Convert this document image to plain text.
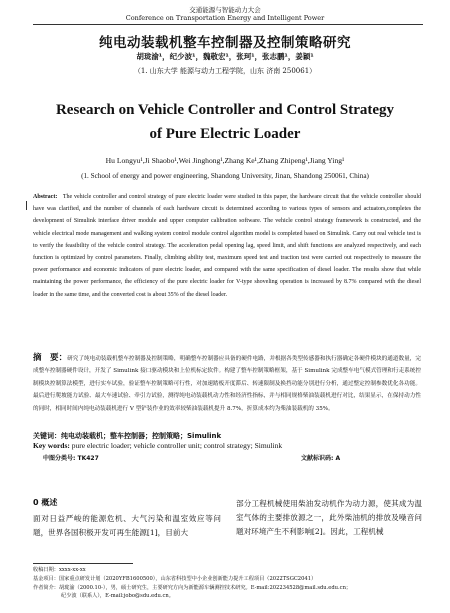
交通能源与智能动力大会
Conference on Transportation Energy and Intelligent Power
纯电动装载机整车控制器及控制策略研究
胡珑渝¹，纪少波¹，魏敬宏¹，张珂¹，张志鹏¹，姜颖¹
（1. 山东大学 能源与动力工程学院，山东 济南 250061）
Research on Vehicle Controller and Control Strategy
of Pure Electric Loader
Hu Longyu¹,Ji Shaobo¹,Wei Jinghong¹,Zhang Ke¹,Zhang Zhipeng¹,Jiang Ying¹
(1. School of energy and power engineering, Shandong University, Jinan, Shandong 250061, China)
Abstract: The vehicle controller and control strategy of pure electric loader were studied in this paper, the hardware circuit that the vehicle controller should have was clarified, and the number of channels of each hardware circuit is determined according to various types of sensors and actuators,completes the development of Simulink interface driver module and upper computer calibration software. The vehicle control strategy framework is constructed, and the vehicle electrical mode management and walking system control module control algorithm model is completed based on Simulink. Carry out real vehicle test is to verify the feasibility of the vehicle control strategy. The acceleration pedal opening lag, speed limit, and shift functions are analyzed respectively, and each function is optimized by control parameters. Finally, climbing ability test, maximum speed test and traction test were carried out respectively to measure the power performance and economic indicators of pure electric loader, and compared with the same specification of diesel loader. The results show that while maintaining the power performance, the efficiency of the pure electric loader for V-type shoveling operation is increased by 8.7% compared with the diesel loader in the same time, and the converted cost is about 35% of the diesel loader.
摘　要：研究了纯电动装载机整车控制器及控制策略，明确整车控制器应具备的硬件电路，并根据各类型传感器和执行器确定各硬件模块的通道数量，完成整车控制器硬件设计，开发了 Simulink 接口驱动模块和上位机标定软件。构建了整车控制策略框架，基于 Simulink 完成整车电气模式管理和行走系统控制模块控制算法模型，进行实车试验，验证整车控制策略可行性，对加速踏板开度滞后、转速限制及换挡功能分别进行分析，通过整定控制参数优化各功能。最后进行爬坡能力试验、最大车速试验、牵引力试验，测得纯电动装载机动力性和经济性指标，并与相同规格柴油装载机进行对比，结果显示，在保持动力性的同时，相同时间内纯电动装载机进行 V 型铲装作业的效率较柴油装载机提升 8.7%，折算成本约为柴油装载机的 35%。
关键词：纯电动装载机；整车控制器；控制策略；Simulink
Key words: pure electric loader; vehicle controller unit; control strategy; Simulink
中图分类号: TK427	文献标识码: A
0 概述
面对日益严峻的能源危机、大气污染和温室效应等问题，世界各国积极开发可再生能源[1]，目前大
部分工程机械使用柴油发动机作为动力源，使其成为温室气体的主要排放源之一，此外柴油机的排放及噪音问题对环境产生不利影响[2]。因此，工程机械
收稿日期：xxxx-xx-xx
基金项目：国家重点研发计划（2020YFB1600500），山东省科技型中小企业创新能力提升工程项目（2022TSGC2041）
作者简介：胡珑渝（2000.10-），男，硕士研究生，主要研究方向为新能源车辆测控技术研究。E-mail:202234528@mail.sdu.edu.cn；
纪少波（联系人），E-mail:jobo@sdu.edu.cn。
